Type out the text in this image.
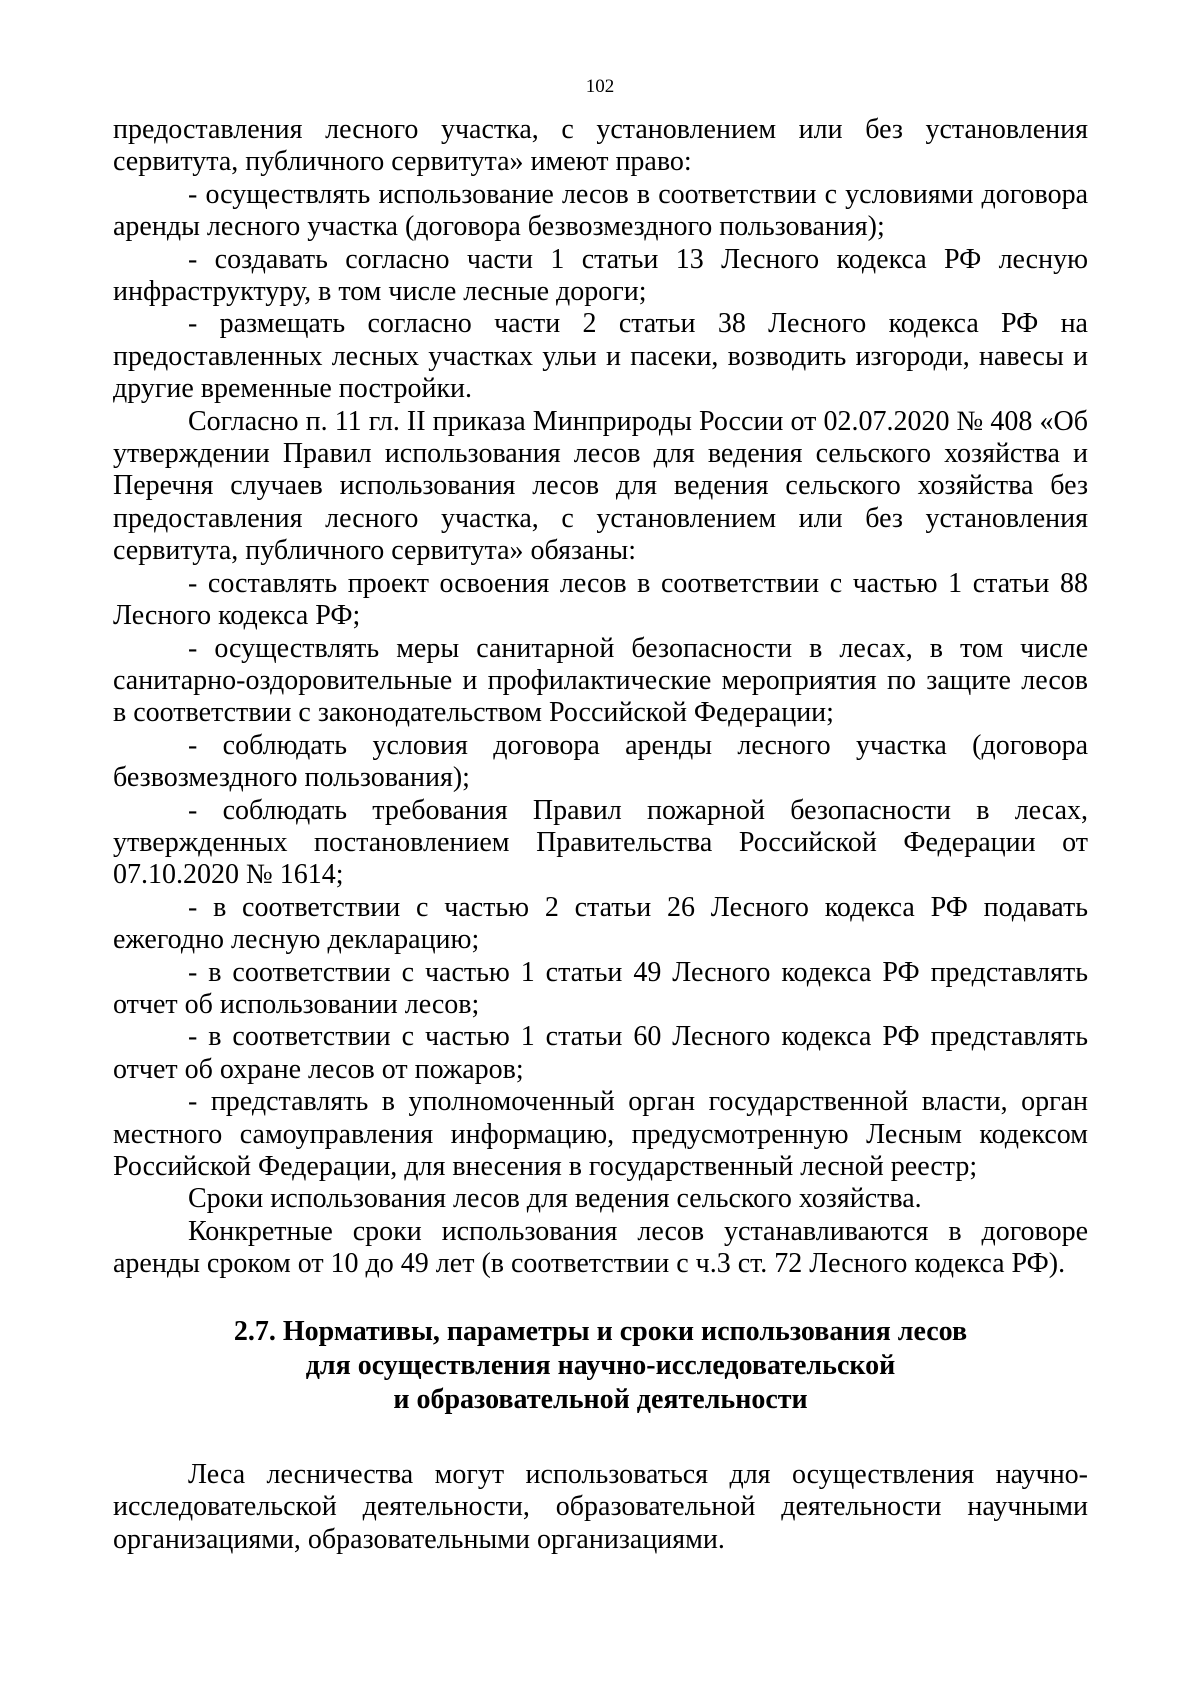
102

предоставления лесного участка, с установлением или без установления сервитута, публичного сервитута» имеют право:

- осуществлять использование лесов в соответствии с условиями договора аренды лесного участка (договора безвозмездного пользования);

- создавать согласно части 1 статьи 13 Лесного кодекса РФ лесную инфраструктуру, в том числе лесные дороги;

- размещать согласно части 2 статьи 38 Лесного кодекса РФ на предоставленных лесных участках ульи и пасеки, возводить изгороди, навесы и другие временные постройки.

Согласно п. 11 гл. II приказа Минприроды России от 02.07.2020 № 408 «Об утверждении Правил использования лесов для ведения сельского хозяйства и Перечня случаев использования лесов для ведения сельского хозяйства без предоставления лесного участка, с установлением или без установления сервитута, публичного сервитута» обязаны:

- составлять проект освоения лесов в соответствии с частью 1 статьи 88 Лесного кодекса РФ;

- осуществлять меры санитарной безопасности в лесах, в том числе санитарно-оздоровительные и профилактические мероприятия по защите лесов в соответствии с законодательством Российской Федерации;

- соблюдать условия договора аренды лесного участка (договора безвозмездного пользования);

- соблюдать требования Правил пожарной безопасности в лесах, утвержденных постановлением Правительства Российской Федерации от 07.10.2020 № 1614;

- в соответствии с частью 2 статьи 26 Лесного кодекса РФ подавать ежегодно лесную декларацию;

- в соответствии с частью 1 статьи 49 Лесного кодекса РФ представлять отчет об использовании лесов;

- в соответствии с частью 1 статьи 60 Лесного кодекса РФ представлять отчет об охране лесов от пожаров;

- представлять в уполномоченный орган государственной власти, орган местного самоуправления информацию, предусмотренную Лесным кодексом Российской Федерации, для внесения в государственный лесной реестр;

Сроки использования лесов для ведения сельского хозяйства.

Конкретные сроки использования лесов устанавливаются в договоре аренды сроком от 10 до 49 лет (в соответствии с ч.3 ст. 72 Лесного кодекса РФ).

2.7. Нормативы, параметры и сроки использования лесов
для осуществления научно-исследовательской
и образовательной деятельности

Леса лесничества могут использоваться для осуществления научно-исследовательской деятельности, образовательной деятельности научными организациями, образовательными организациями.
